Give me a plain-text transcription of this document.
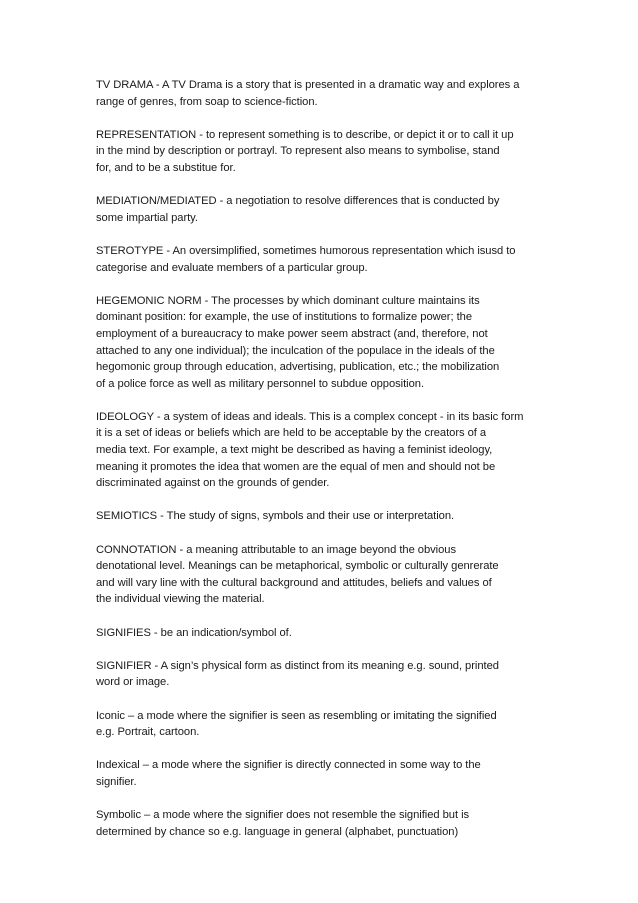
TV DRAMA - A TV Drama is a story that is presented in a dramatic way and explores a
range of genres, from soap to science-fiction.

REPRESENTATION - to represent something is to describe, or depict it or to call it up
in the mind by description or portrayl. To represent also means to symbolise, stand
for, and to be a substitue for.

MEDIATION/MEDIATED - a negotiation to resolve differences that is conducted by
some impartial party.

STEROTYPE - An oversimplified, sometimes humorous representation which isusd to
categorise and evaluate members of a particular group.

HEGEMONIC NORM - The processes by which dominant culture maintains its
dominant position: for example, the use of institutions to formalize power; the
employment of a bureaucracy to make power seem abstract (and, therefore, not
attached to any one individual); the inculcation of the populace in the ideals of the
hegomonic group through education, advertising, publication, etc.; the mobilization
of a police force as well as military personnel to subdue opposition.

IDEOLOGY - a system of ideas and ideals. This is a complex concept - in its basic form
it is a set of ideas or beliefs which are held to be acceptable by the creators of a
media text. For example, a text might be described as having a feminist ideology,
meaning it promotes the idea that women are the equal of men and should not be
discriminated against on the grounds of gender.

SEMIOTICS - The study of signs, symbols and their use or interpretation.

CONNOTATION - a meaning attributable to an image beyond the obvious
denotational level. Meanings can be metaphorical, symbolic or culturally genrerate
and will vary line with the cultural background and attitudes, beliefs and values of
the individual viewing the material.

SIGNIFIES - be an indication/symbol of.

SIGNIFIER - A sign’s physical form as distinct from its meaning e.g. sound, printed
word or image.

Iconic – a mode where the signifier is seen as resembling or imitating the signified
e.g. Portrait, cartoon.

Indexical – a mode where the signifier is directly connected in some way to the
signifier.

Symbolic – a mode where the signifier does not resemble the signified but is
determined by chance so e.g. language in general (alphabet, punctuation)
